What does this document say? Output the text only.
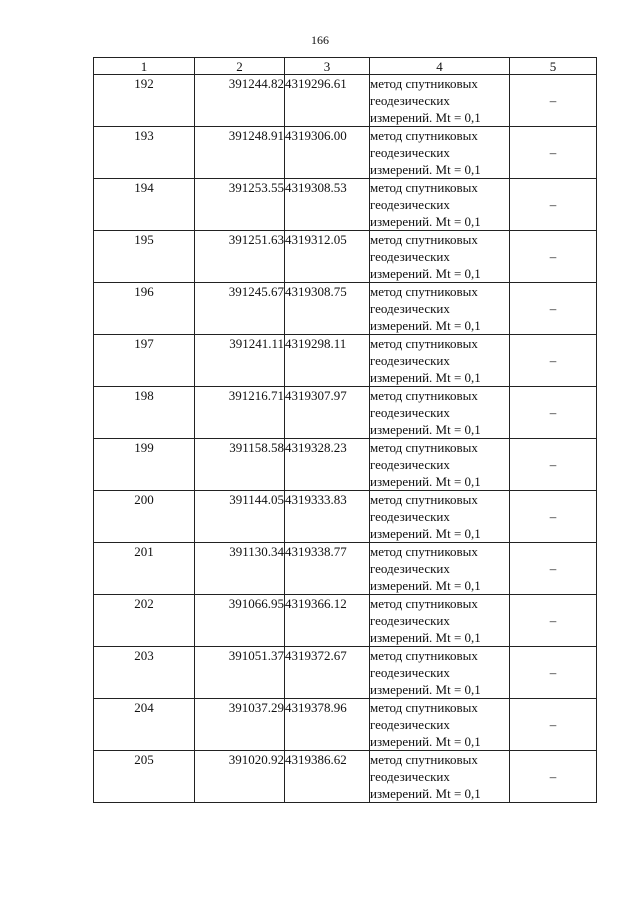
166
1	2	3	4	5
192	391244.82	4319296.61	метод спутниковых
геодезических
измерений. Mt = 0,1	–
193	391248.91	4319306.00	метод спутниковых
геодезических
измерений. Mt = 0,1	–
194	391253.55	4319308.53	метод спутниковых
геодезических
измерений. Mt = 0,1	–
195	391251.63	4319312.05	метод спутниковых
геодезических
измерений. Mt = 0,1	–
196	391245.67	4319308.75	метод спутниковых
геодезических
измерений. Mt = 0,1	–
197	391241.11	4319298.11	метод спутниковых
геодезических
измерений. Mt = 0,1	–
198	391216.71	4319307.97	метод спутниковых
геодезических
измерений. Mt = 0,1	–
199	391158.58	4319328.23	метод спутниковых
геодезических
измерений. Mt = 0,1	–
200	391144.05	4319333.83	метод спутниковых
геодезических
измерений. Mt = 0,1	–
201	391130.34	4319338.77	метод спутниковых
геодезических
измерений. Mt = 0,1	–
202	391066.95	4319366.12	метод спутниковых
геодезических
измерений. Mt = 0,1	–
203	391051.37	4319372.67	метод спутниковых
геодезических
измерений. Mt = 0,1	–
204	391037.29	4319378.96	метод спутниковых
геодезических
измерений. Mt = 0,1	–
205	391020.92	4319386.62	метод спутниковых
геодезических
измерений. Mt = 0,1	–
